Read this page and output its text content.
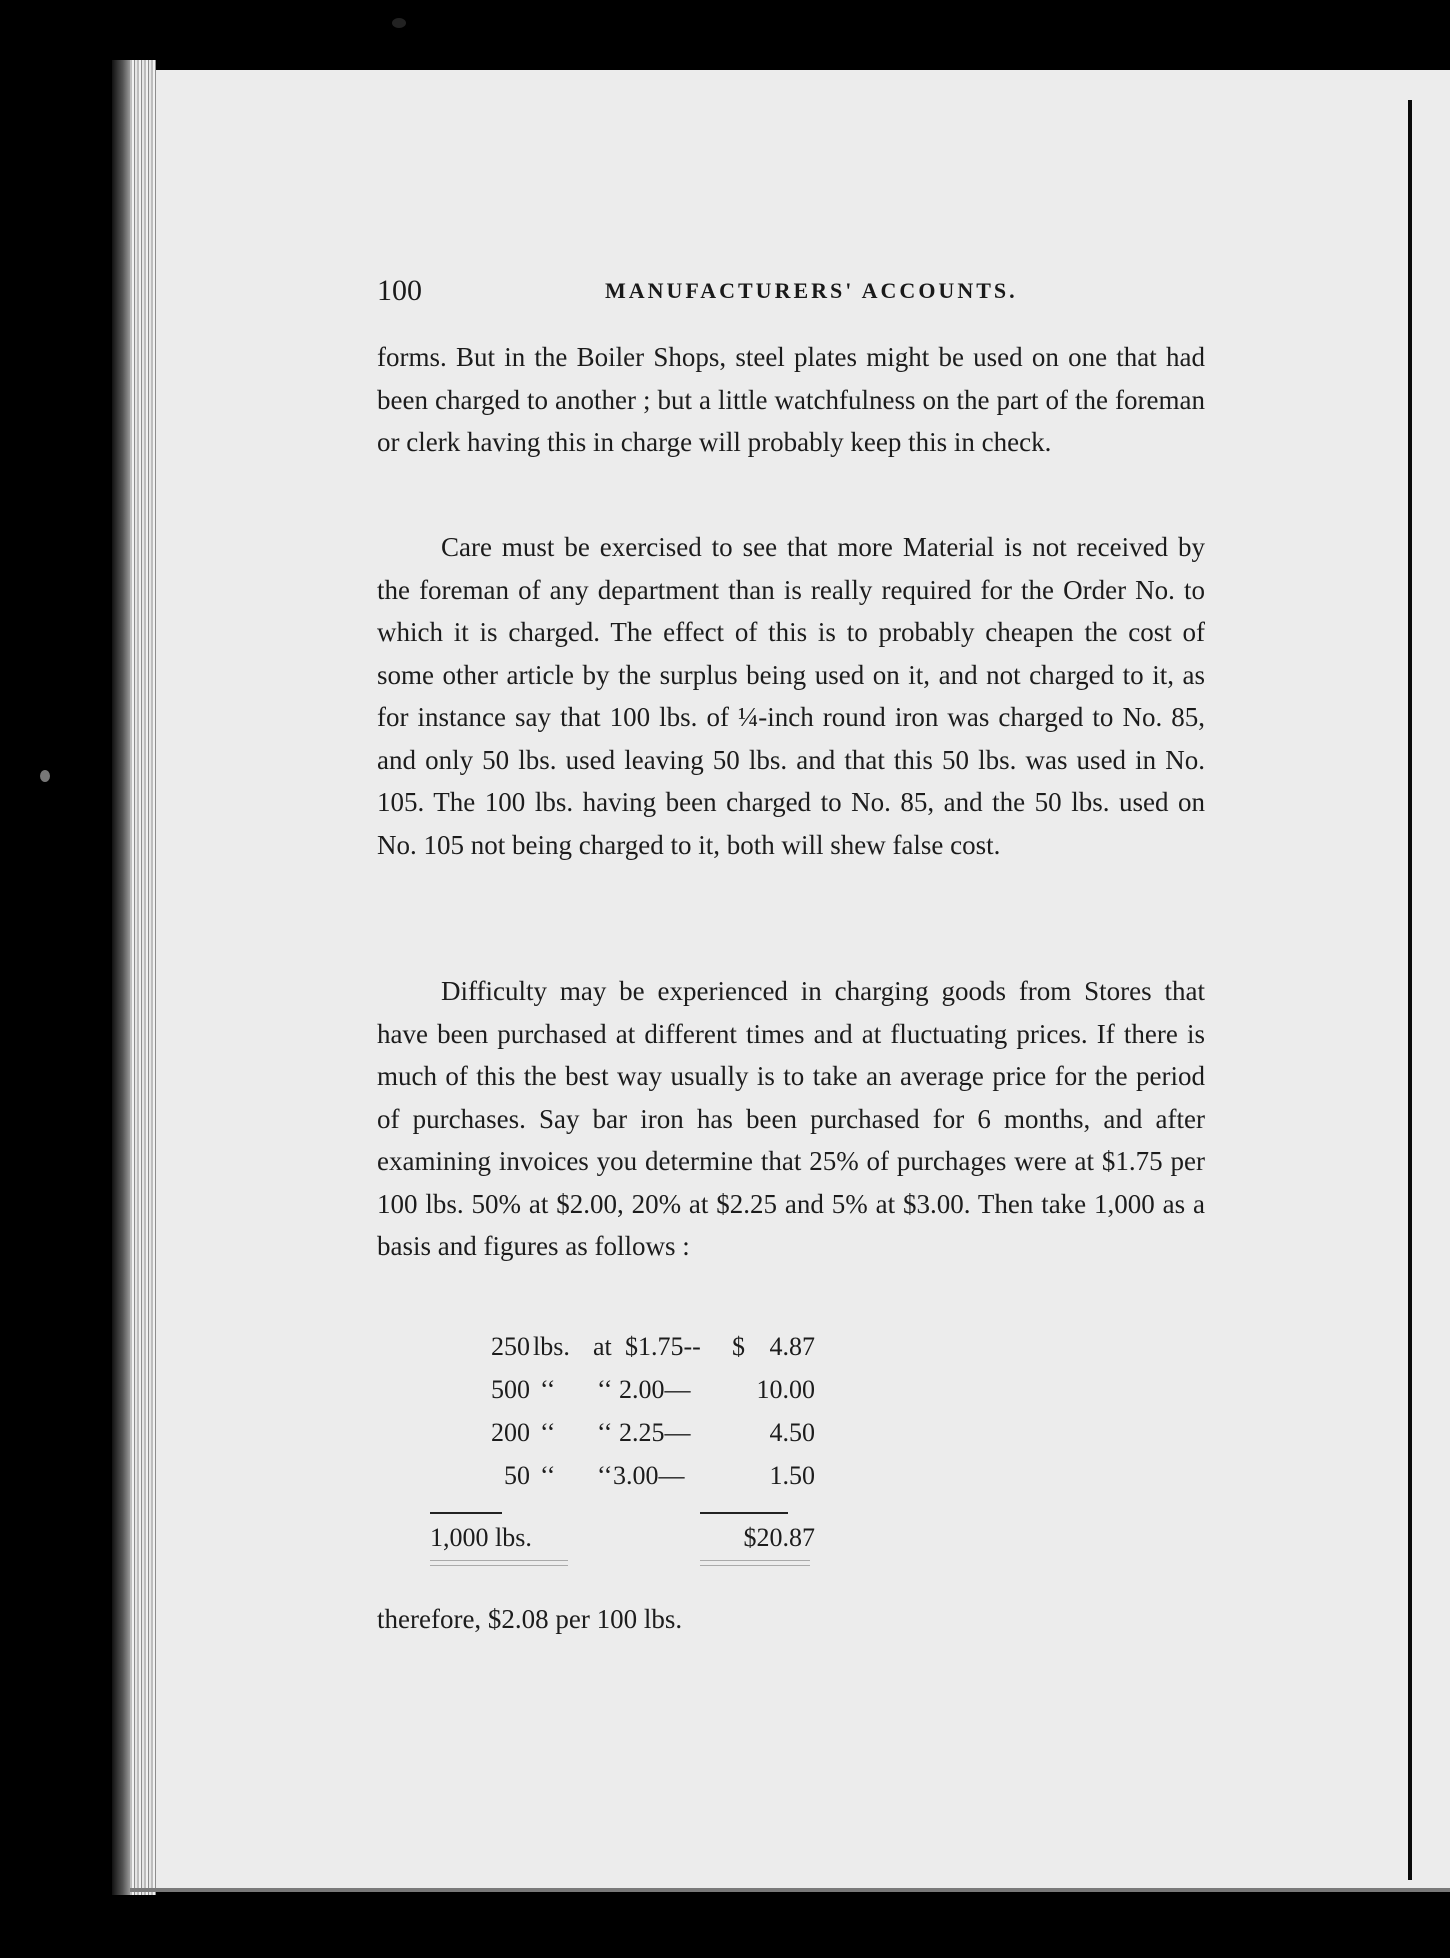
100	MANUFACTURERS' ACCOUNTS.

forms. But in the Boiler Shops, steel plates might be used on one that had been charged to another ; but a little watchfulness on the part of the foreman or clerk having this in charge will probably keep this in check.

Care must be exercised to see that more Material is not received by the foreman of any department than is really required for the Order No. to which it is charged. The effect of this is to probably cheapen the cost of some other article by the surplus being used on it, and not charged to it, as for instance say that 100 lbs. of ¼-inch round iron was charged to No. 85, and only 50 lbs. used leaving 50 lbs. and that this 50 lbs. was used in No. 105. The 100 lbs. having been charged to No. 85, and the 50 lbs. used on No. 105 not being charged to it, both will shew false cost.

Difficulty may be experienced in charging goods from Stores that have been purchased at different times and at fluctuating prices. If there is much of this the best way usually is to take an average price for the period of purchases. Say bar iron has been purchased for 6 months, and after examining invoices you determine that 25% of purchages were at $1.75 per 100 lbs. 50% at $2.00, 20% at $2.25 and 5% at $3.00. Then take 1,000 as a basis and figures as follows :

250 lbs. at $1.75-- $ 4.87
500 ‘‘ ‘‘ 2.00—	10.00
200 ‘‘ ‘‘ 2.25—	4.50
50 ‘‘ ‘‘ 3.00—	1.50
1,000 lbs.	$20.87

therefore, $2.08 per 100 lbs.
